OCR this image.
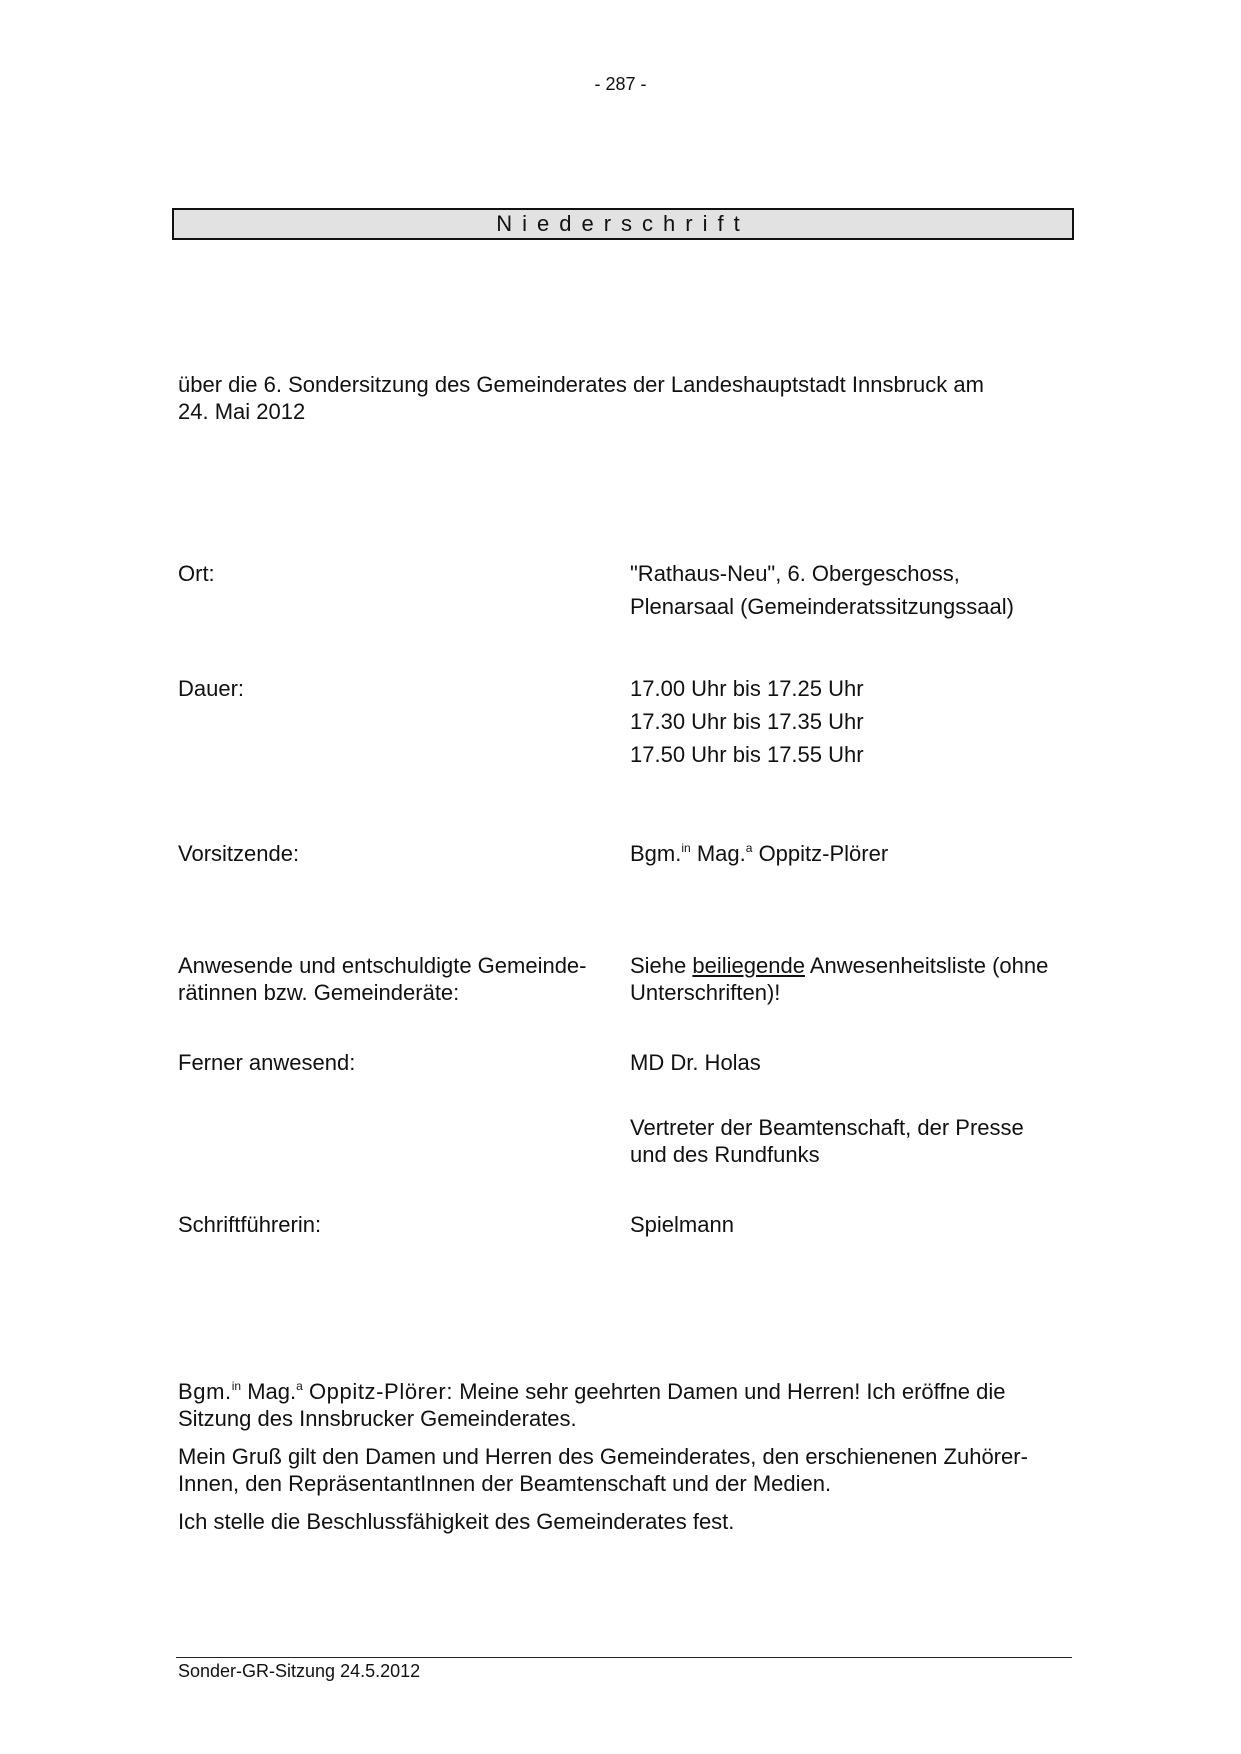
- 287 -
Niederschrift
über die 6. Sondersitzung des Gemeinderates der Landeshauptstadt Innsbruck am
24. Mai 2012
Ort:	"Rathaus-Neu", 6. Obergeschoss,
Plenarsaal (Gemeinderatssitzungssaal)
Dauer:	17.00 Uhr bis 17.25 Uhr
17.30 Uhr bis 17.35 Uhr
17.50 Uhr bis 17.55 Uhr
Vorsitzende:	Bgm.$^{in}$ Mag.$^a$ Oppitz-Plörer
Anwesende und entschuldigte Gemeinde-
rätinnen bzw. Gemeinderäte:
Siehe beiliegende Anwesenheitsliste (ohne
Unterschriften)!
Ferner anwesend:	MD Dr. Holas
Vertreter der Beamtenschaft, der Presse
und des Rundfunks
Schriftführerin:	Spielmann

Bgm.$^{in}$ Mag.$^a$ Oppitz-Plörer: Meine sehr geehrten Damen und Herren! Ich eröffne die
Sitzung des Innsbrucker Gemeinderates.

Mein Gruß gilt den Damen und Herren des Gemeinderates, den erschienenen Zuhörer-
Innen, den RepräsentantInnen der Beamtenschaft und der Medien.

Ich stelle die Beschlussfähigkeit des Gemeinderates fest.

Sonder-GR-Sitzung 24.5.2012
